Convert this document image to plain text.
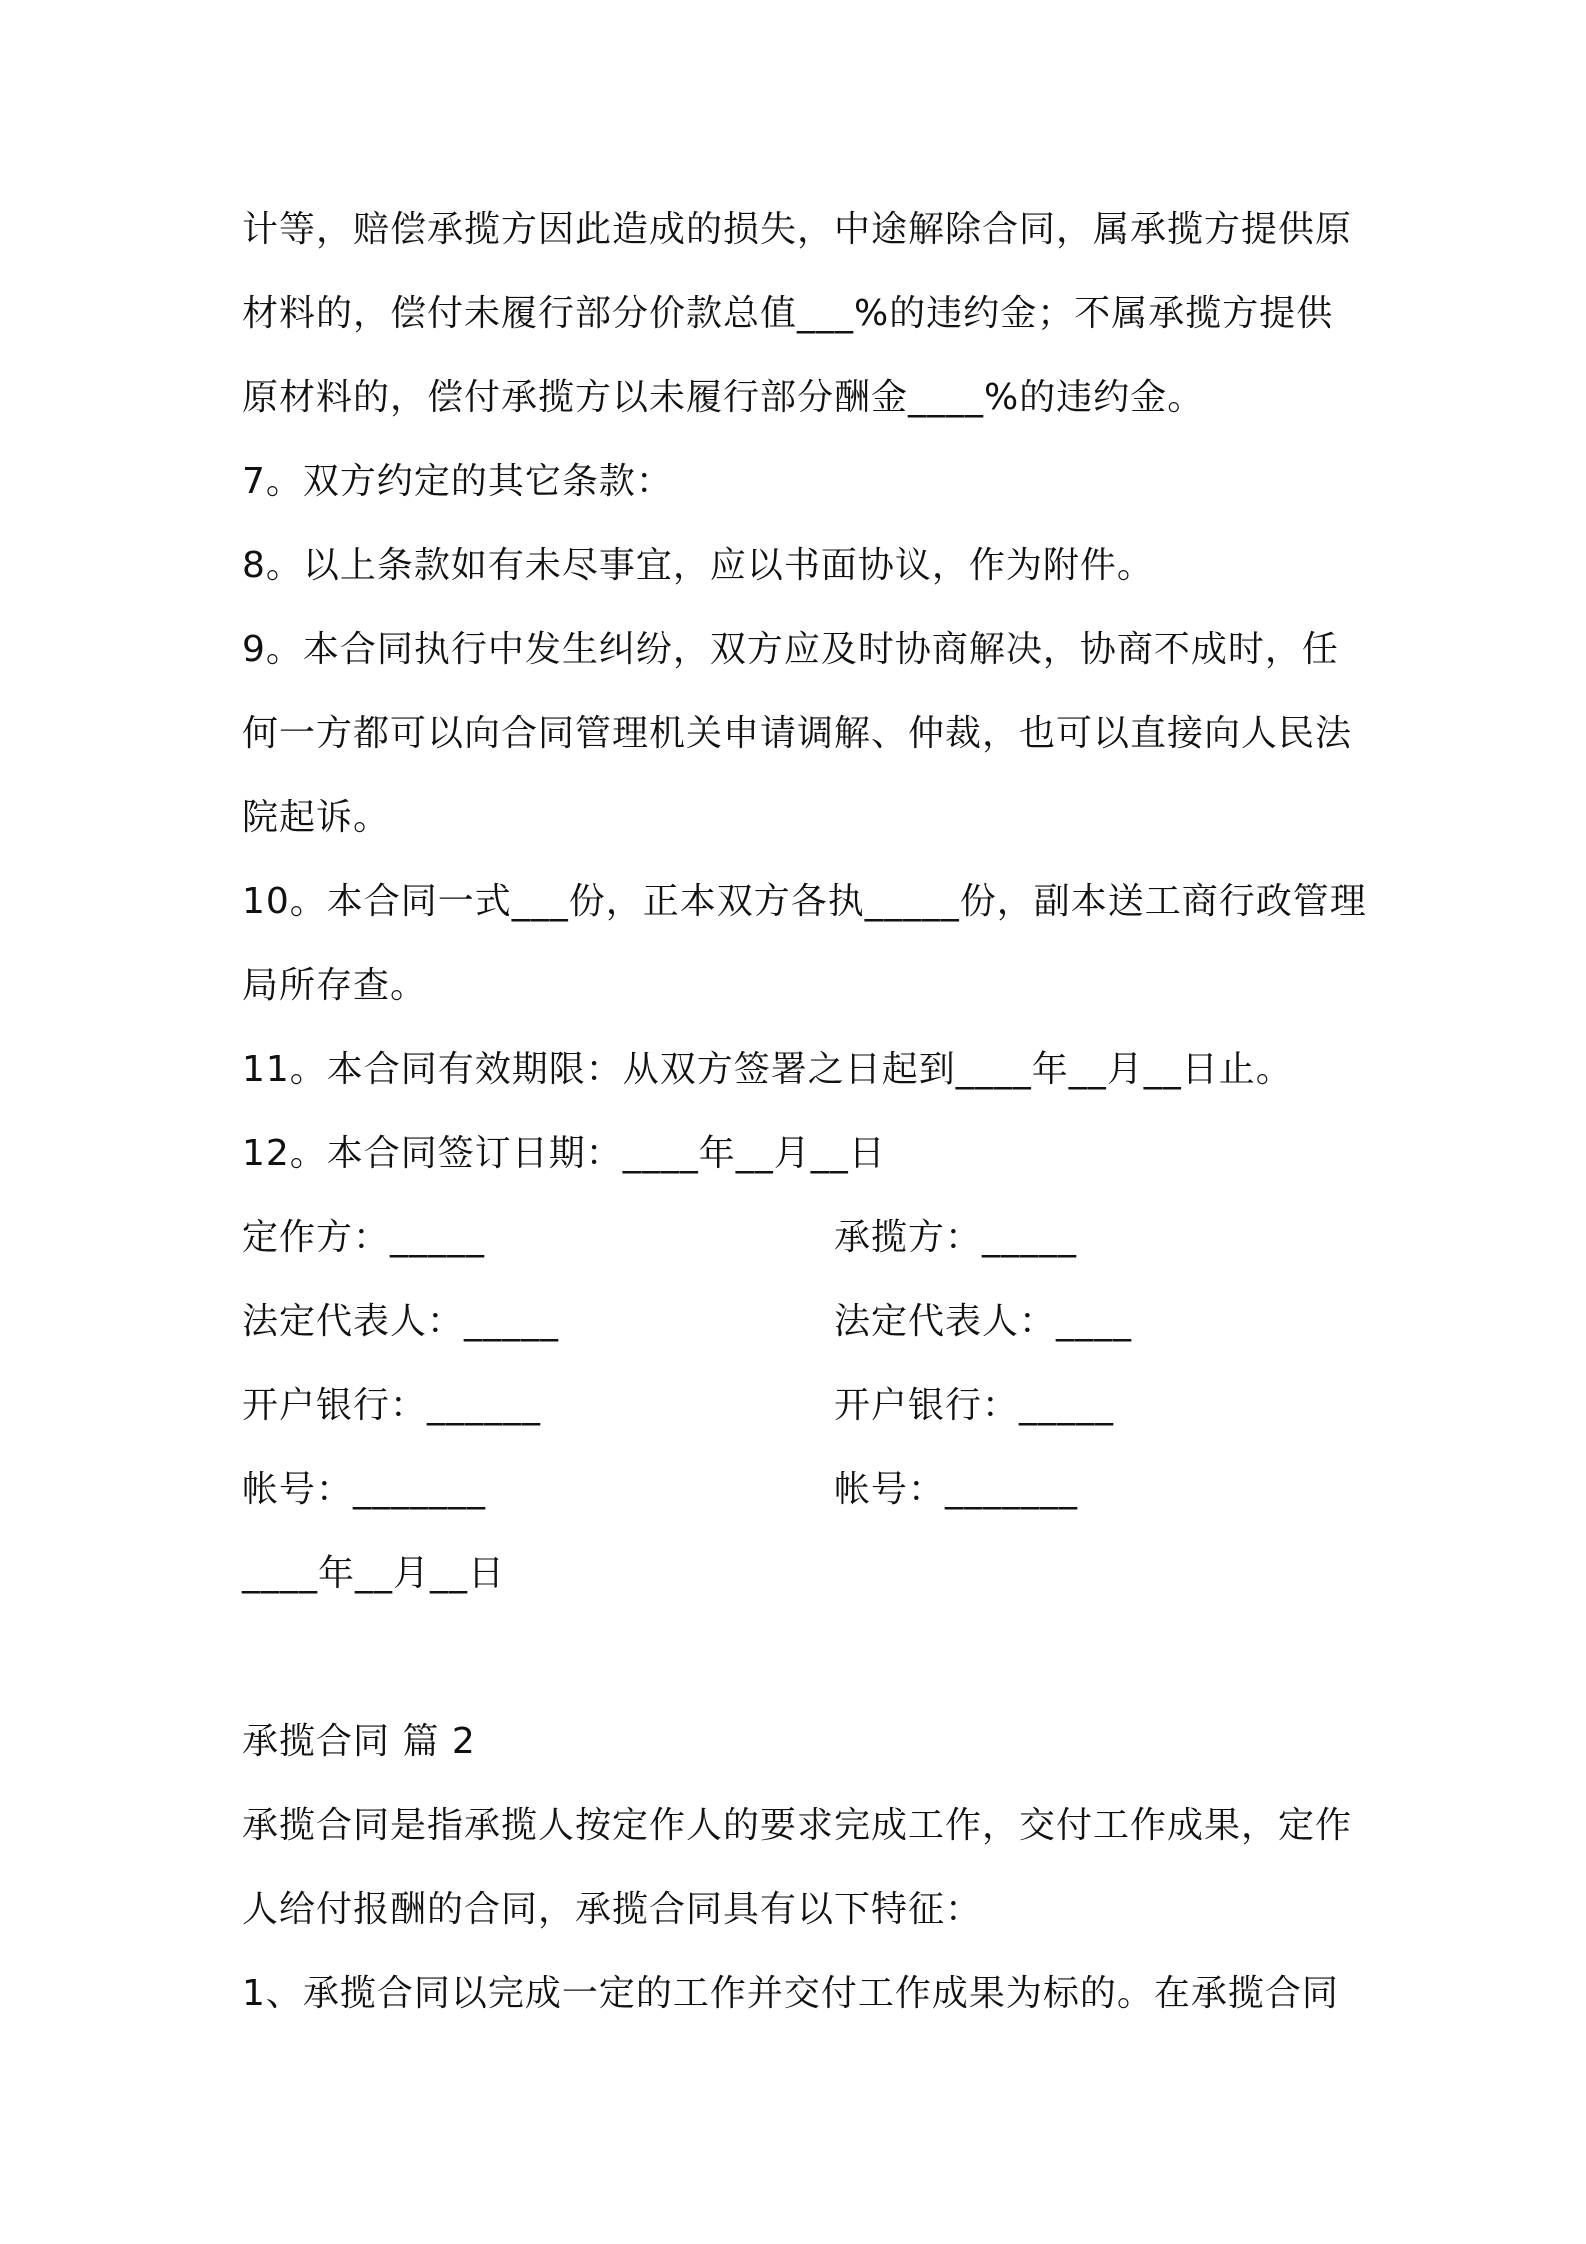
计等，赔偿承揽方因此造成的损失，中途解除合同，属承揽方提供原
材料的，偿付未履行部分价款总值___%的违约金；不属承揽方提供
原材料的，偿付承揽方以未履行部分酬金____%的违约金。
7。双方约定的其它条款：
8。以上条款如有未尽事宜，应以书面协议，作为附件。
9。本合同执行中发生纠纷，双方应及时协商解决，协商不成时，任
何一方都可以向合同管理机关申请调解、仲裁，也可以直接向人民法
院起诉。
10。本合同一式___份，正本双方各执_____份，副本送工商行政管理
局所存查。
11。本合同有效期限：从双方签署之日起到____年__月__日止。
12。本合同签订日期：____年__月__日
定作方：_____	承揽方：_____
法定代表人：_____	法定代表人：____
开户银行：______	开户银行：_____
帐号：_______	帐号：_______
____年__月__日
承揽合同 篇 2
承揽合同是指承揽人按定作人的要求完成工作，交付工作成果，定作
人给付报酬的合同，承揽合同具有以下特征：
1、承揽合同以完成一定的工作并交付工作成果为标的。在承揽合同
